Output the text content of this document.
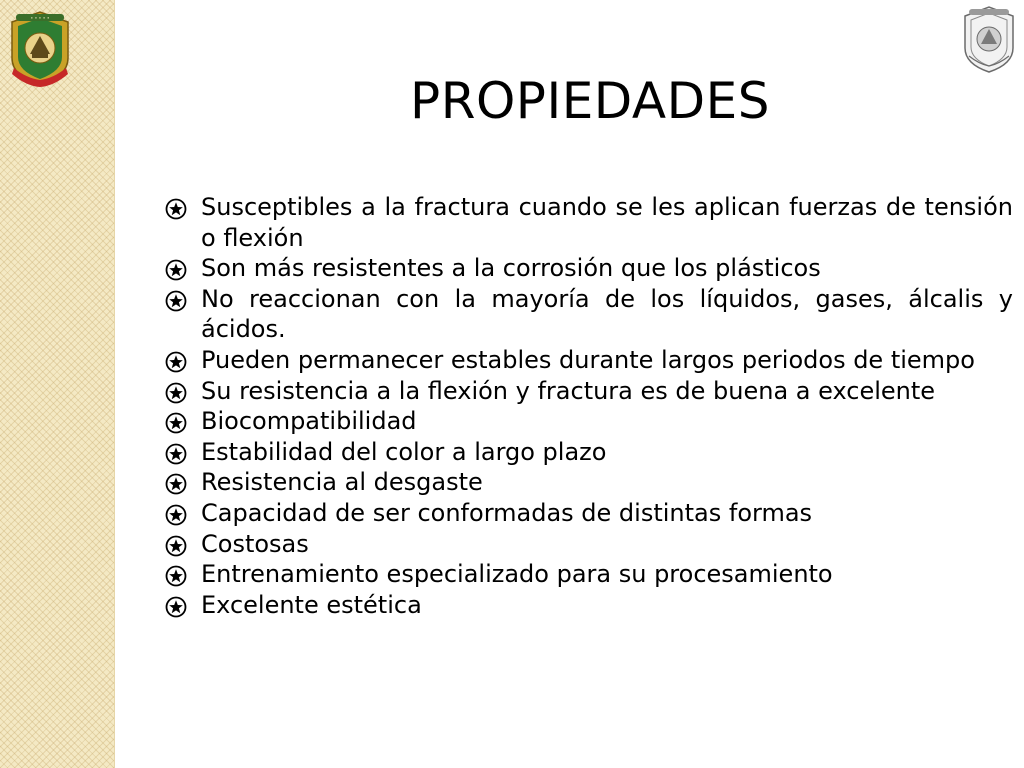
• • • • •
PROPIEDADES
Susceptibles a la fractura cuando se les aplican fuerzas de tensión o flexión
Son más resistentes a la corrosión que los plásticos
No reaccionan con la mayoría de los líquidos, gases, álcalis y ácidos.
Pueden permanecer estables durante largos periodos de tiempo
Su resistencia a la flexión y fractura es de buena a excelente
Biocompatibilidad
Estabilidad del color a largo plazo
Resistencia al desgaste
Capacidad de ser conformadas de distintas formas
Costosas
Entrenamiento especializado para su procesamiento
Excelente estética
